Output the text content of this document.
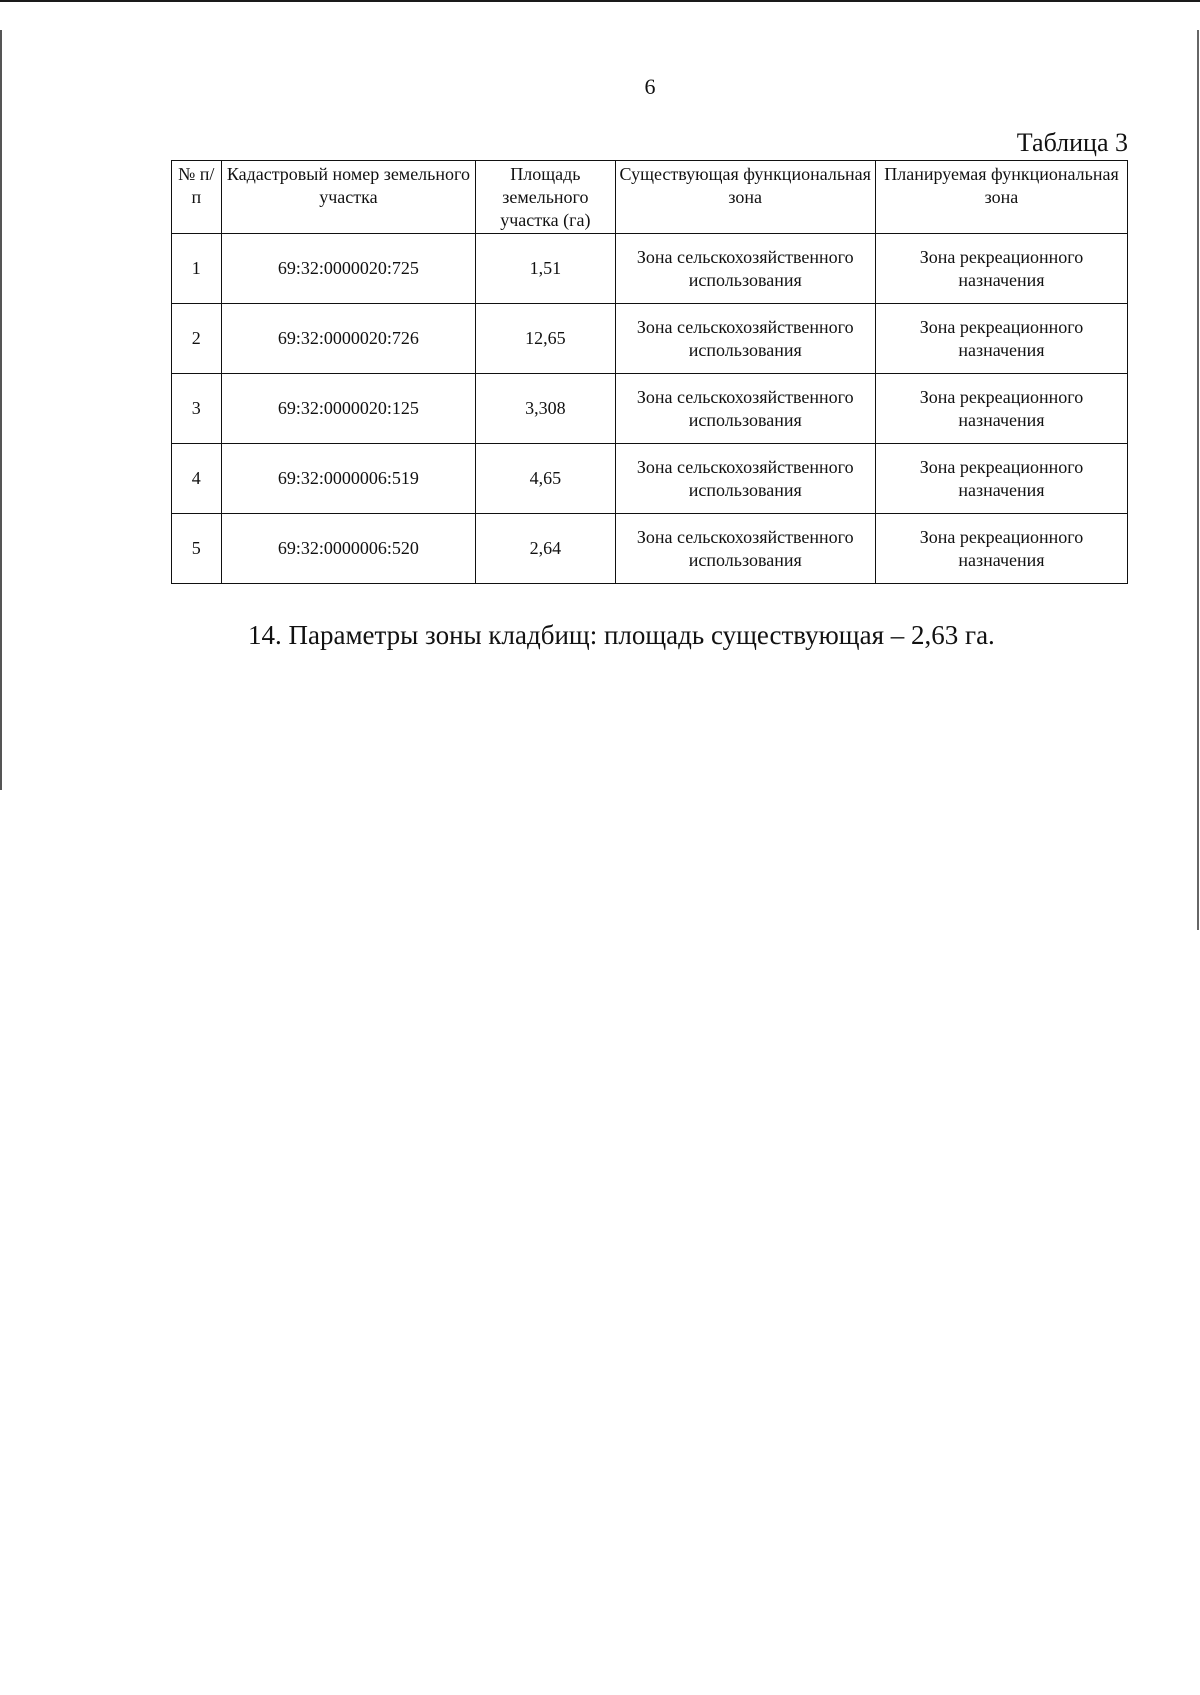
6
Таблица 3
№ п/п	Кадастровый номер земельного участка	Площадь земельного участка (га)	Существующая функциональная зона	Планируемая функциональная зона
1	69:32:0000020:725	1,51	Зона сельскохозяйственного использования	Зона рекреационного назначения
2	69:32:0000020:726	12,65	Зона сельскохозяйственного использования	Зона рекреационного назначения
3	69:32:0000020:125	3,308	Зона сельскохозяйственного использования	Зона рекреационного назначения
4	69:32:0000006:519	4,65	Зона сельскохозяйственного использования	Зона рекреационного назначения
5	69:32:0000006:520	2,64	Зона сельскохозяйственного использования	Зона рекреационного назначения
14. Параметры зоны кладбищ: площадь существующая – 2,63 га.
